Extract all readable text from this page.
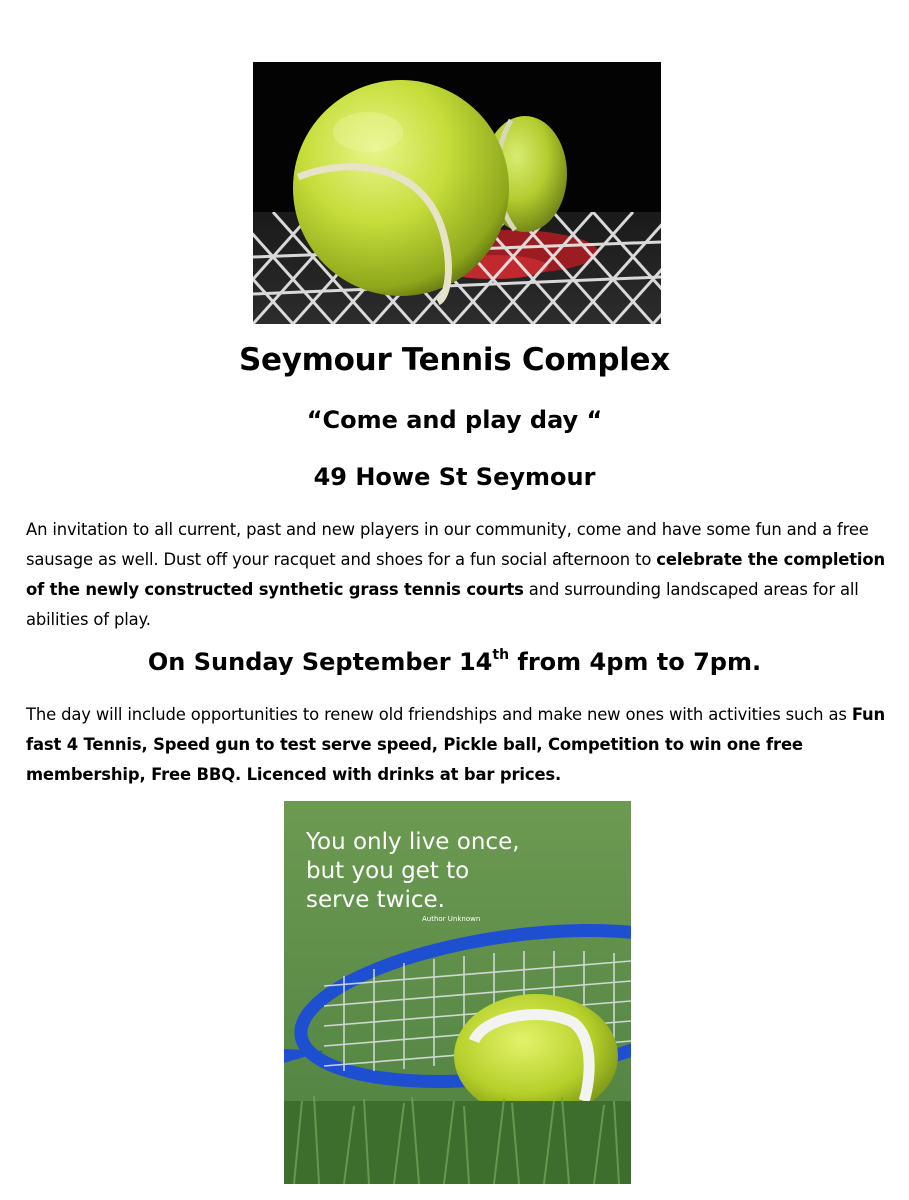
Seymour Tennis Complex
“Come and play day “
49 Howe St Seymour
An invitation to all current, past and new players in our community, come and have some fun and a free sausage as well. Dust off your racquet and shoes for a fun social afternoon to celebrate the completion of the newly constructed synthetic grass tennis courts and surrounding landscaped areas for all abilities of play.
On Sunday September 14th from 4pm to 7pm.
The day will include opportunities to renew old friendships and make new ones with activities such as Fun fast 4 Tennis, Speed gun to test serve speed, Pickle ball, Competition to win one free membership, Free BBQ. Licenced with drinks at bar prices.
You only live once,
but you get to
serve twice.
Author Unknown
